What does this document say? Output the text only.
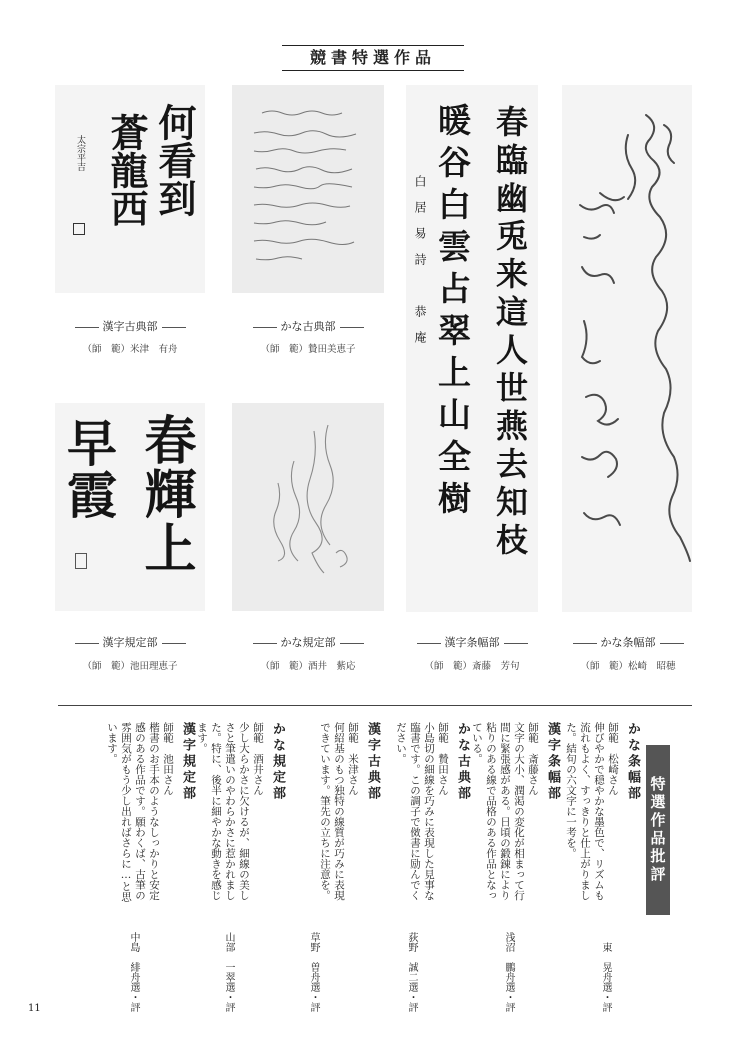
競書特選作品
何看到
蒼龍西
太宗平吉
漢字古典部
（師　範）米津　有舟
かな古典部
（師　範）贄田美恵子
春輝上
早霞
漢字規定部
（師　範）池田理恵子
かな規定部
（師　範）酒井　紫応
春臨幽兎来這人世燕去知枝
暖谷白雲占翠上山全樹
白居易詩　恭庵
漢字条幅部
（師　範）斎藤　芳句
かな条幅部
（師　範）松崎　昭穂
特選作品批評
かな条幅部
師範　松崎さん
伸びやかで穏やかな墨色で、リズムも流れもよく、すっきりと仕上がりました。結句の六文字に一考を。
東　晃舟選・評
漢字条幅部
師範　斎藤さん
文字の大小、潤渇の変化が相まって行間に緊張感がある。日頃の鍛錬により粘りのある線で品格のある作品となっている。
浅沼　鵬舟選・評
かな古典部
師範　贄田さん
小島切の細線を巧みに表現した見事な臨書です。この調子で傚書に励んでください。
荻野　誠二選・評
漢字古典部
師範　米津さん
何紹基のもつ独特の線質が巧みに表現できています。筆先の立ちに注意を。
草野　曽舟選・評
かな規定部
師範　酒井さん
少し大らかさに欠けるが、細線の美しさと筆遣いのやわらかさに惹かれました。特に、後半に細やかな動きを感じます。
山部　一翠選・評
漢字規定部
師範　池田さん
楷書のお手本のようなしっかりと安定感のある作品です。願わくば、古筆の雰囲気がもう少し出ればさらに…と思います。
中島　緋舟選・評
11
